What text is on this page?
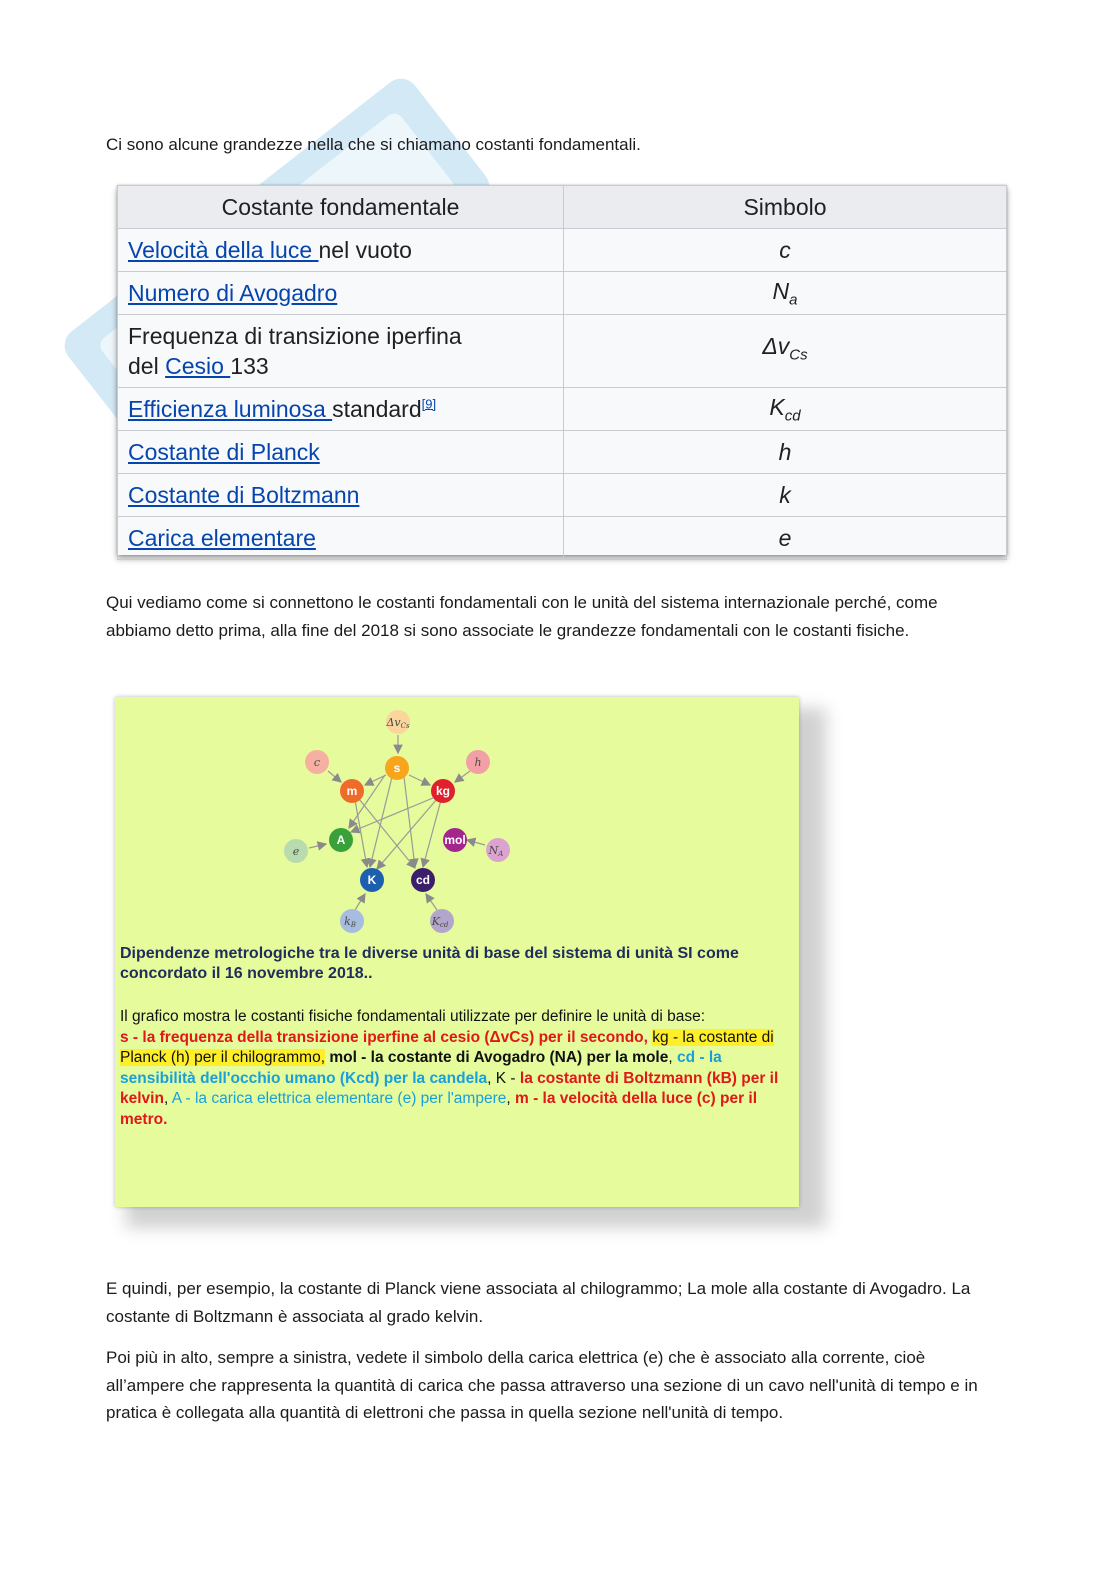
Ci sono alcune grandezze nella che si chiamano costanti fondamentali.

Costante fondamentale	Simbolo
Velocità della luce nel vuoto	c
Numero di Avogadro	$N_a$
Frequenza di transizione iperfina
del Cesio 133	$\Delta v_{Cs}$
Efficienza luminosa standard[9]	$K_{cd}$
Costante di Planck	h
Costante di Boltzmann	k
Carica elementare	e

Qui vediamo come si connettono le costanti fondamentali con le unità del sistema internazionale perché, come abbiamo detto prima, alla fine del 2018 si sono associate le grandezze fondamentali con le costanti fisiche.

ΔvCs
c	h
e	NA
kB	Kcd
s
m	kg
A	mol
K	cd
Dipendenze metrologiche tra le diverse unità di base del sistema di unità SI come concordato il 16 novembre 2018..
Il grafico mostra le costanti fisiche fondamentali utilizzate per definire le unità di base:
s - la frequenza della transizione iperfine al cesio (ΔvCs) per il secondo, kg - la costante di Planck (h) per il chilogrammo, mol - la costante di Avogadro (NA) per la mole, cd - la sensibilità dell'occhio umano (Kcd) per la candela, K - la costante di Boltzmann (kB) per il kelvin, A - la carica elettrica elementare (e) per l'ampere, m - la velocità della luce (c) per il metro.

E quindi, per esempio, la costante di Planck viene associata al chilogrammo; La mole alla costante di Avogadro. La costante di Boltzmann è associata al grado kelvin.

Poi più in alto, sempre a sinistra, vedete il simbolo della carica elettrica (e) che è associato alla corrente, cioè all’ampere che rappresenta la quantità di carica che passa attraverso una sezione di un cavo nell'unità di tempo e in pratica è collegata alla quantità di elettroni che passa in quella sezione nell'unità di tempo.
